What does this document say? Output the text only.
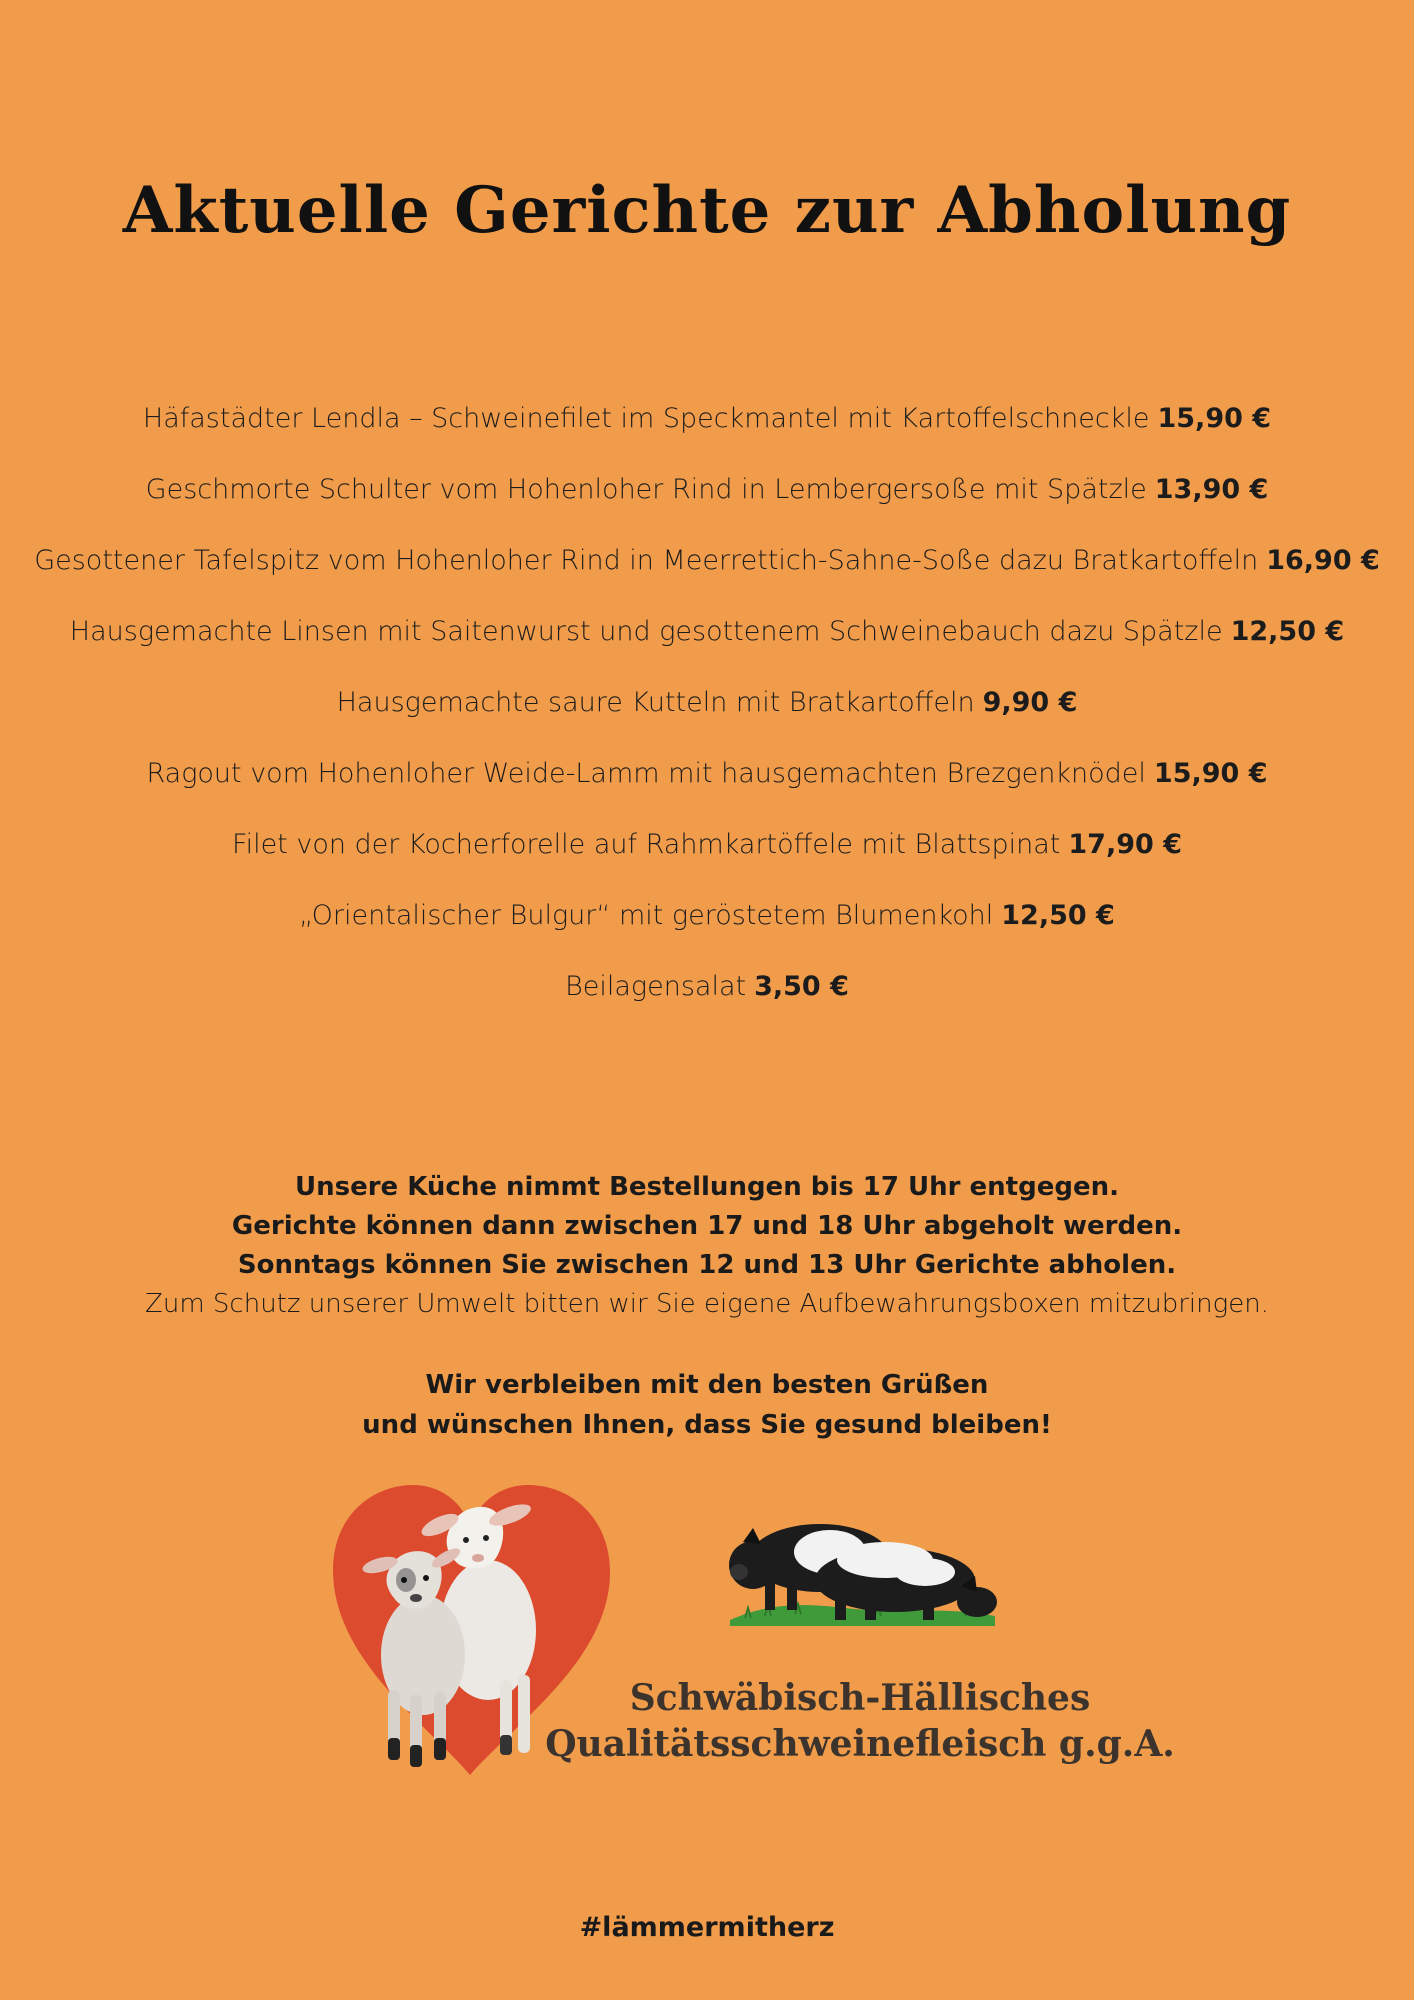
Aktuelle Gerichte zur Abholung
Häfastädter Lendla – Schweinefilet im Speckmantel mit Kartoffelschneckle 15,90 €
Geschmorte Schulter vom Hohenloher Rind in Lembergersoße mit Spätzle 13,90 €
Gesottener Tafelspitz vom Hohenloher Rind in Meerrettich-Sahne-Soße dazu Bratkartoffeln 16,90 €
Hausgemachte Linsen mit Saitenwurst und gesottenem Schweinebauch dazu Spätzle 12,50 €
Hausgemachte saure Kutteln mit Bratkartoffeln 9,90 €
Ragout vom Hohenloher Weide-Lamm mit hausgemachten Brezgenknödel 15,90 €
Filet von der Kocherforelle auf Rahmkartöffele mit Blattspinat 17,90 €
„Orientalischer Bulgur“ mit geröstetem Blumenkohl 12,50 €
Beilagensalat 3,50 €
Unsere Küche nimmt Bestellungen bis 17 Uhr entgegen.
Gerichte können dann zwischen 17 und 18 Uhr abgeholt werden.
Sonntags können Sie zwischen 12 und 13 Uhr Gerichte abholen.
Zum Schutz unserer Umwelt bitten wir Sie eigene Aufbewahrungsboxen mitzubringen.
Wir verbleiben mit den besten Grüßen
und wünschen Ihnen, dass Sie gesund bleiben!
Schwäbisch-Hällisches
Qualitätsschweinefleisch g.g.A.
#lämmermitherz
